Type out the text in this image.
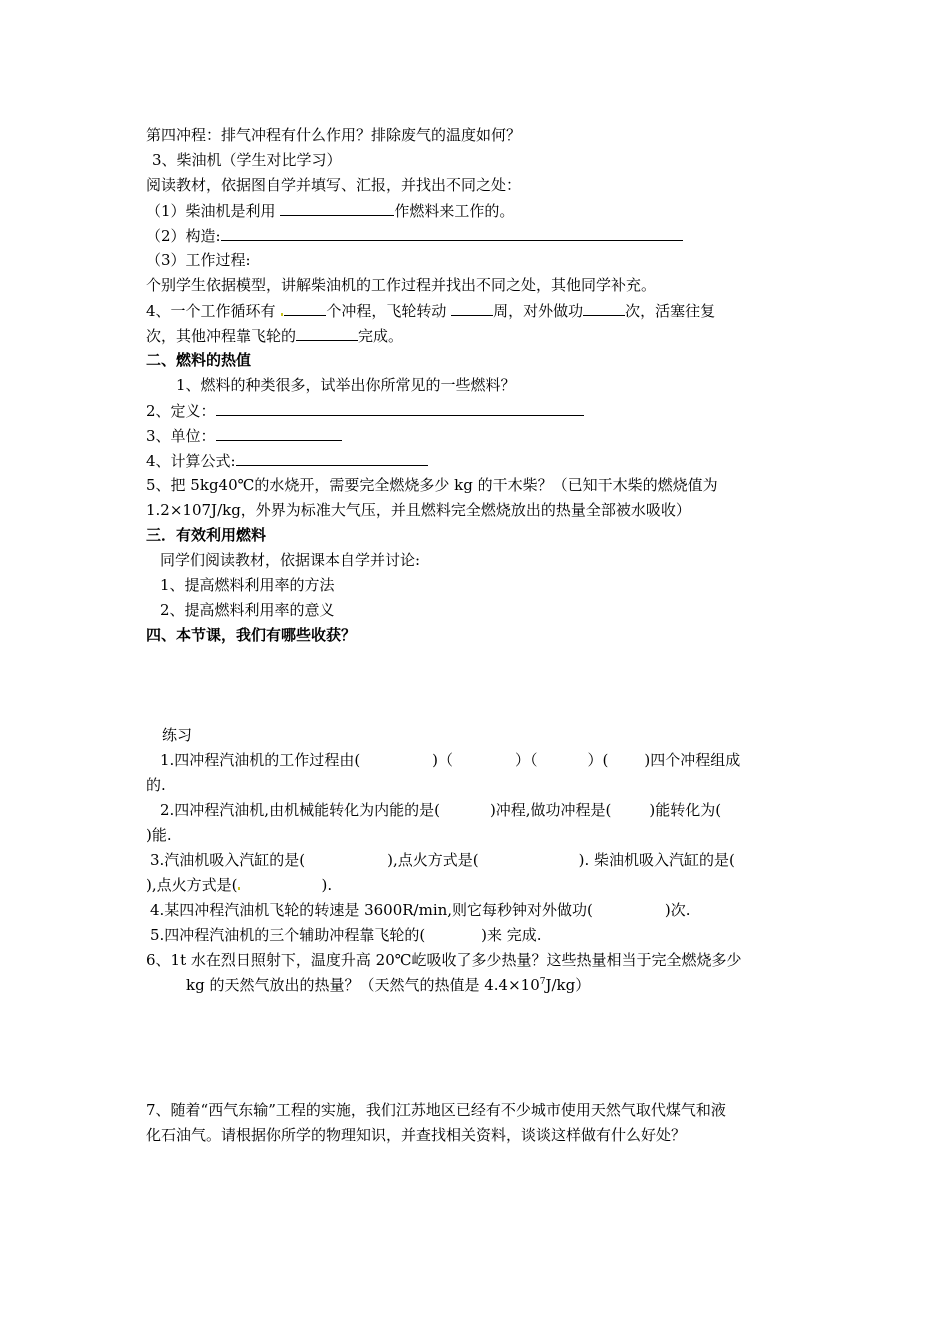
第四冲程：排气冲程有什么作用？排除废气的温度如何？
3、柴油机（学生对比学习）
阅读教材，依据图自学并填写、汇报，并找出不同之处：
（1）柴油机是利用	作燃料来工作的。
（2）构造:
（3）工作过程:
个别学生依据模型，讲解柴油机的工作过程并找出不同之处，其他同学补充。
4、一个工作循环有	个冲程，飞轮转动	周，对外做功	次，活塞往复
次，其他冲程靠飞轮的	完成。
二、燃料的热值
1、燃料的种类很多，试举出你所常见的一些燃料？
2、定义：
3、单位：
4、计算公式:
5、把 5kg40℃的水烧开，需要完全燃烧多少 kg 的干木柴？（已知干木柴的燃烧值为
1.2×107J/kg，外界为标准大气压，并且燃料完全燃烧放出的热量全部被水吸收）
三．有效利用燃料
同学们阅读教材，依据课本自学并讨论:
1、提高燃料利用率的方法
2、提高燃料利用率的意义
四、本节课，我们有哪些收获？
练习
1.四冲程汽油机的工作过程由(	)（	）（	）( )四个冲程组成
的.
2.四冲程汽油机,由机械能转化为内能的是(	)冲程,做功冲程是(	)能转化为(
)能.
3.汽油机吸入汽缸的是(	),点火方式是(	). 柴油机吸入汽缸的是(
),点火方式是(	).
4.某四冲程汽油机飞轮的转速是 3600R/min,则它每秒钟对外做功(	)次.
5.四冲程汽油机的三个辅助冲程靠飞轮的(	)来 完成.
6、1t 水在烈日照射下，温度升高 20℃屹吸收了多少热量？这些热量相当于完全燃烧多少
kg 的天然气放出的热量？（天然气的热值是 $4.4\times 10^7J/kg$）
7、随着“西气东输”工程的实施，我们江苏地区已经有不少城市使用天然气取代煤气和液
化石油气。请根据你所学的物理知识，并查找相关资料，谈谈这样做有什么好处？
